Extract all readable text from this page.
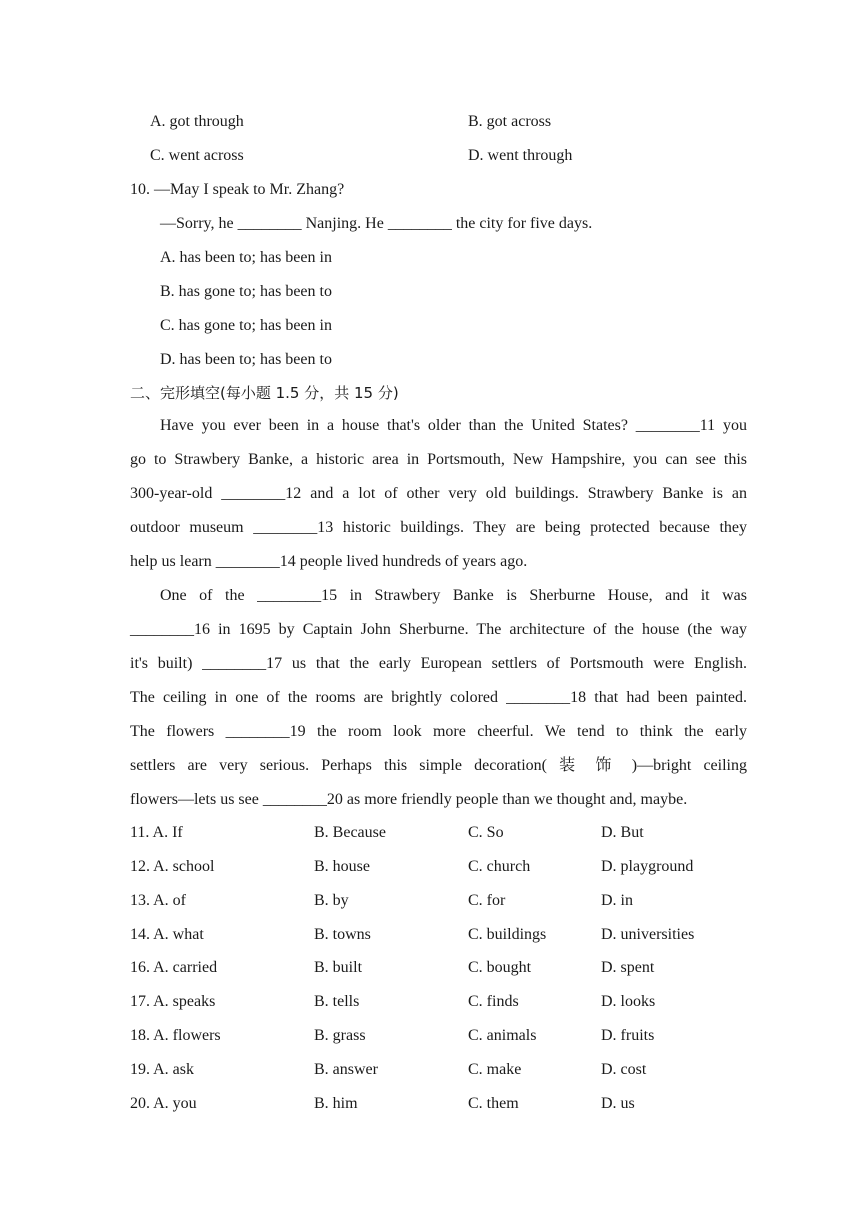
A. got through	B. got across
C. went across	D. went through
10. —May I speak to Mr. Zhang?
—Sorry, he ________ Nanjing. He ________ the city for five days.
A. has been to; has been in
B. has gone to; has been to
C. has gone to; has been in
D. has been to; has been to
二、完形填空(每小题 1.5 分，共 15 分)
Have you ever been in a house that's older than the United States? ________11 you
go to Strawbery Banke, a historic area in Portsmouth, New Hampshire, you can see this
300-year-old ________12 and a lot of other very old buildings. Strawbery Banke is an
outdoor museum ________13 historic buildings. They are being protected because they
help us learn ________14 people lived hundreds of years ago.
One of the ________15 in Strawbery Banke is Sherburne House, and it was
________16 in 1695 by Captain John Sherburne. The architecture of the house (the way
it's built) ________17 us that the early European settlers of Portsmouth were English.
The ceiling in one of the rooms are brightly colored ________18 that had been painted.
The flowers ________19 the room look more cheerful. We tend to think the early
settlers are very serious. Perhaps this simple decoration( 装 饰 )—bright ceiling
flowers—lets us see ________20 as more friendly people than we thought and, maybe.
11. A. If	B. Because	C. So	D. But
12. A. school	B. house	C. church	D. playground
13. A. of	B. by	C. for	D. in
14. A. what	B. towns	C. buildings	D. universities
16. A. carried	B. built	C. bought	D. spent
17. A. speaks	B. tells	C. finds	D. looks
18. A. flowers	B. grass	C. animals	D. fruits
19. A. ask	B. answer	C. make	D. cost
20. A. you	B. him	C. them	D. us
